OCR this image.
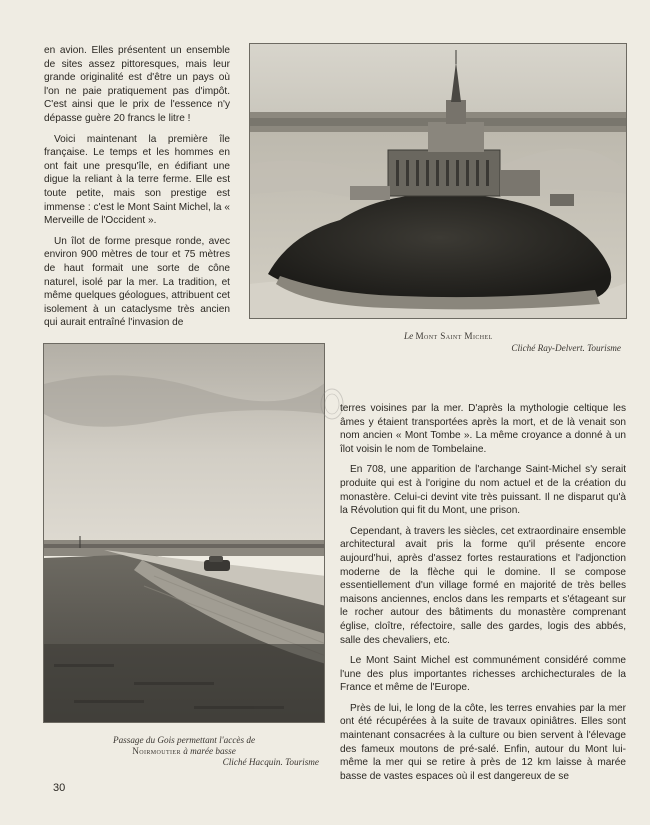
en avion. Elles présentent un ensemble de sites assez pittoresques, mais leur grande originalité est d'être un pays où l'on ne paie pratiquement pas d'impôt. C'est ainsi que le prix de l'essence n'y dépasse guère 20 francs le litre !

Voici maintenant la première île française. Le temps et les hommes en ont fait une presqu'île, en édifiant une digue la reliant à la terre ferme. Elle est toute petite, mais son prestige est immense : c'est le Mont Saint Michel, la « Merveille de l'Occident ».

Un îlot de forme presque ronde, avec environ 900 mètres de tour et 75 mètres de haut formait une sorte de cône naturel, isolé par la mer. La tradition, et même quelques géologues, attribuent cet isolement à un cataclysme très ancien qui aurait entraîné l'invasion de

Le Mont Saint Michel
Cliché Ray-Delvert. Tourisme

terres voisines par la mer. D'après la mythologie celtique les âmes y étaient transportées après la mort, et de là venait son nom ancien « Mont Tombe ». La même croyance a donné à un îlot voisin le nom de Tombelaine.

En 708, une apparition de l'archange Saint-Michel s'y serait produite qui est à l'origine du nom actuel et de la création du monastère. Celui-ci devint vite très puissant. Il ne disparut qu'à la Révolution qui fit du Mont, une prison.

Cependant, à travers les siècles, cet extraordinaire ensemble architectural avait pris la forme qu'il présente encore aujourd'hui, après d'assez fortes restaurations et l'adjonction moderne de la flèche qui le domine. Il se compose essentiellement d'un village formé en majorité de très belles maisons anciennes, enclos dans les remparts et s'étageant sur le rocher autour des bâtiments du monastère comprenant église, cloître, réfectoire, salle des gardes, logis des abbés, salle des chevaliers, etc.

Le Mont Saint Michel est communément considéré comme l'une des plus importantes richesses archichecturales de la France et même de l'Europe.

Près de lui, le long de la côte, les terres envahies par la mer ont été récupérées à la suite de travaux opiniâtres. Elles sont maintenant consacrées à la culture ou bien servent à l'élevage des fameux moutons de pré-salé. Enfin, autour du Mont lui-même la mer qui se retire à près de 12 km laisse à marée basse de vastes espaces où il est dangereux de se

Passage du Gois permettant l'accès de
Noirmoutier à marée basse
Cliché Hacquin. Tourisme
30
